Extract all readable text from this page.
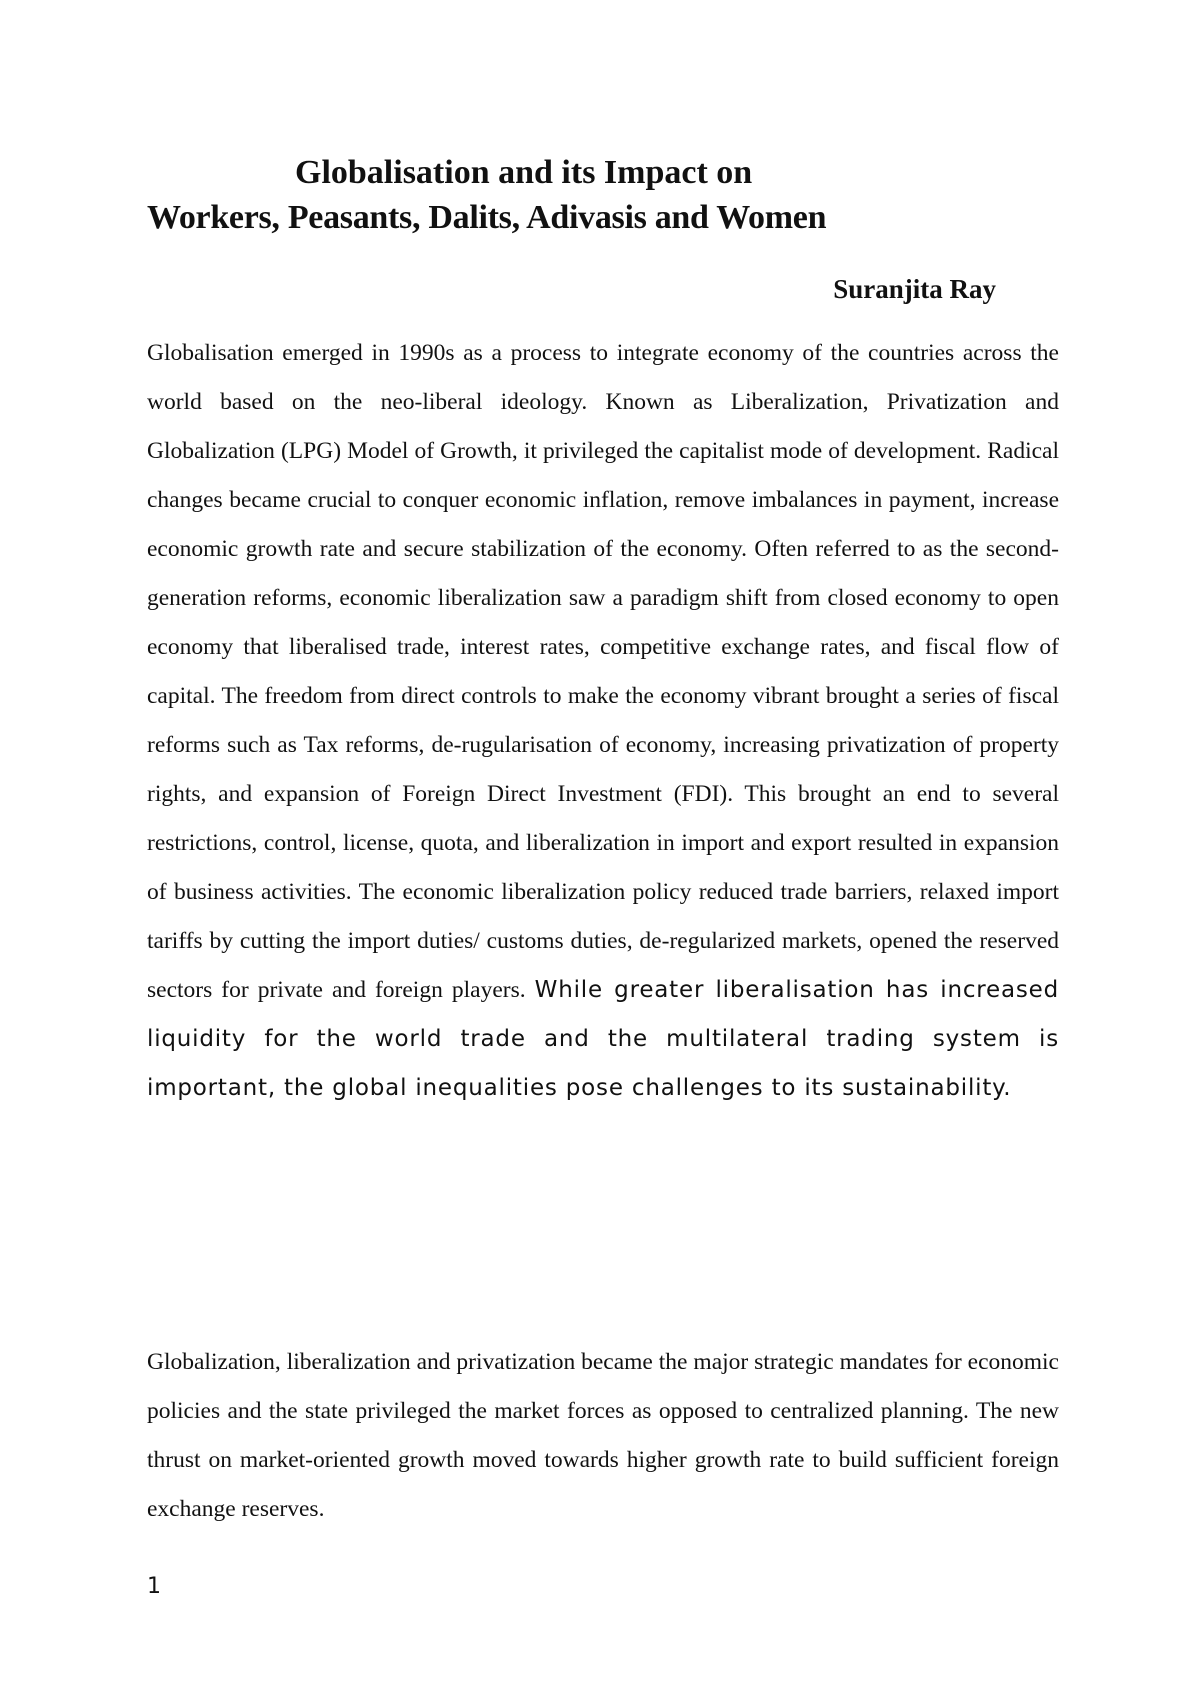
Globalisation and its Impact on
Workers, Peasants, Dalits, Adivasis and Women
Suranjita Ray

Globalisation emerged in 1990s as a process to integrate economy of the countries across the world based on the neo-liberal ideology. Known as Liberalization, Privatization and Globalization (LPG) Model of Growth, it privileged the capitalist mode of development. Radical changes became crucial to conquer economic inflation, remove imbalances in payment, increase economic growth rate and secure stabilization of the economy. Often referred to as the second-generation reforms, economic liberalization saw a paradigm shift from closed economy to open economy that liberalised trade, interest rates, competitive exchange rates, and fiscal flow of capital. The freedom from direct controls to make the economy vibrant brought a series of fiscal reforms such as Tax reforms, de-rugularisation of economy, increasing privatization of property rights, and expansion of Foreign Direct Investment (FDI). This brought an end to several restrictions, control, license, quota, and liberalization in import and export resulted in expansion of business activities. The economic liberalization policy reduced trade barriers, relaxed import tariffs by cutting the import duties/ customs duties, de-regularized markets, opened the reserved sectors for private and foreign players. While greater liberalisation has increased liquidity for the world trade and the multilateral trading system is important, the global inequalities pose challenges to its sustainability.

Globalization, liberalization and privatization became the major strategic mandates for economic policies and the state privileged the market forces as opposed to centralized planning. The new thrust on market-oriented growth moved towards higher growth rate to build sufficient foreign exchange reserves.

1
